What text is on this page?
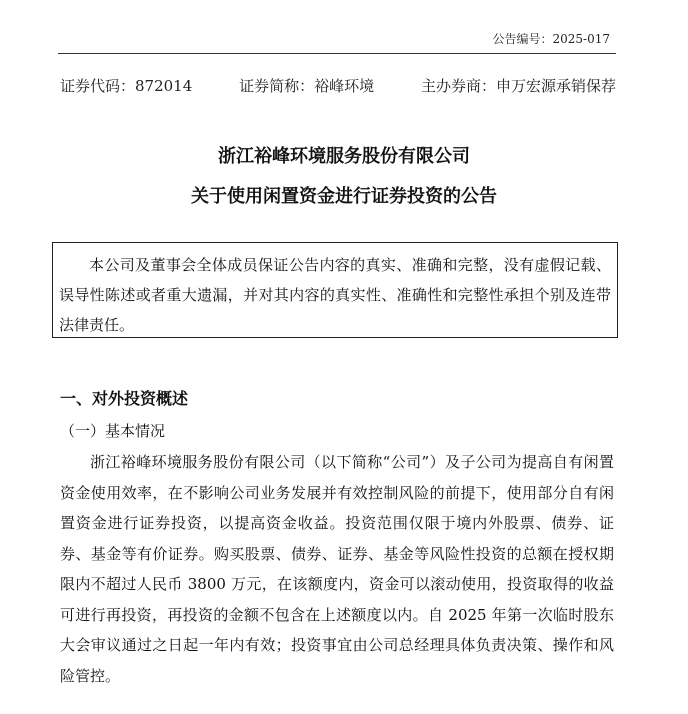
公告编号：2025-017
证券代码：872014	证券简称：裕峰环境	主办券商：申万宏源承销保荐
浙江裕峰环境服务股份有限公司
关于使用闲置资金进行证券投资的公告

本公司及董事会全体成员保证公告内容的真实、准确和完整，没有虚假记载、误导性陈述或者重大遗漏，并对其内容的真实性、准确性和完整性承担个别及连带法律责任。

一、对外投资概述
（一）基本情况

浙江裕峰环境服务股份有限公司（以下简称“公司”）及子公司为提高自有闲置资金使用效率，在不影响公司业务发展并有效控制风险的前提下，使用部分自有闲置资金进行证券投资，以提高资金收益。投资范围仅限于境内外股票、债券、证券、基金等有价证券。购买股票、债券、证券、基金等风险性投资的总额在授权期限内不超过人民币 3800 万元，在该额度内，资金可以滚动使用，投资取得的收益可进行再投资，再投资的金额不包含在上述额度以内。自 2025 年第一次临时股东大会审议通过之日起一年内有效；投资事宜由公司总经理具体负责决策、操作和风险管控。
